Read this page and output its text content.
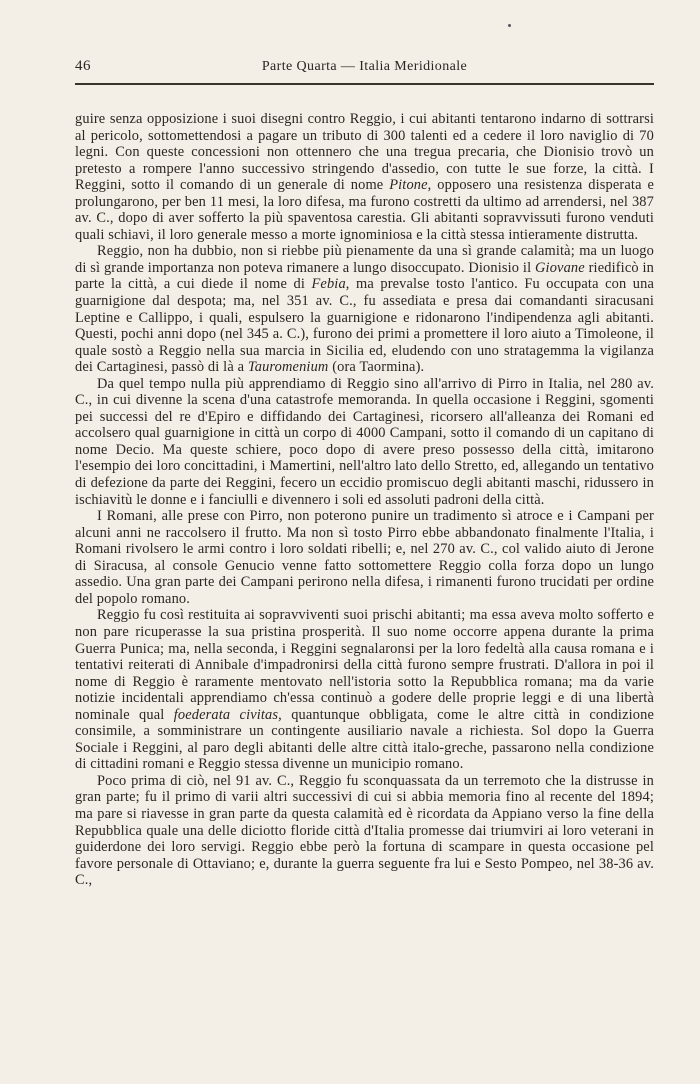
46	Parte Quarta — Italia Meridionale

guire senza opposizione i suoi disegni contro Reggio, i cui abitanti tentarono indarno di sottrarsi al pericolo, sottomettendosi a pagare un tributo di 300 talenti ed a cedere il loro naviglio di 70 legni. Con queste concessioni non ottennero che una tregua precaria, che Dionisio trovò un pretesto a rompere l'anno successivo stringendo d'assedio, con tutte le sue forze, la città. I Reggini, sotto il comando di un generale di nome Pitone, opposero una resistenza disperata e prolungarono, per ben 11 mesi, la loro difesa, ma furono costretti da ultimo ad arrendersi, nel 387 av. C., dopo di aver sofferto la più spaventosa carestia. Gli abitanti sopravvissuti furono venduti quali schiavi, il loro generale messo a morte ignominiosa e la città stessa intieramente distrutta.

Reggio, non ha dubbio, non si riebbe più pienamente da una sì grande calamità; ma un luogo di sì grande importanza non poteva rimanere a lungo disoccupato. Dionisio il Giovane riedificò in parte la città, a cui diede il nome di Febia, ma prevalse tosto l'antico. Fu occupata con una guarnigione dal despota; ma, nel 351 av. C., fu assediata e presa dai comandanti siracusani Leptine e Callippo, i quali, espulsero la guarnigione e ridonarono l'indipendenza agli abitanti. Questi, pochi anni dopo (nel 345 a. C.), furono dei primi a promettere il loro aiuto a Timoleone, il quale sostò a Reggio nella sua marcia in Sicilia ed, eludendo con uno stratagemma la vigilanza dei Cartaginesi, passò di là a Tauromenium (ora Taormina).

Da quel tempo nulla più apprendiamo di Reggio sino all'arrivo di Pirro in Italia, nel 280 av. C., in cui divenne la scena d'una catastrofe memoranda. In quella occasione i Reggini, sgomenti pei successi del re d'Epiro e diffidando dei Cartaginesi, ricorsero all'alleanza dei Romani ed accolsero qual guarnigione in città un corpo di 4000 Campani, sotto il comando di un capitano di nome Decio. Ma queste schiere, poco dopo di avere preso possesso della città, imitarono l'esempio dei loro concittadini, i Mamertini, nell'altro lato dello Stretto, ed, allegando un tentativo di defezione da parte dei Reggini, fecero un eccidio promiscuo degli abitanti maschi, ridussero in ischiavitù le donne e i fanciulli e divennero i soli ed assoluti padroni della città.

I Romani, alle prese con Pirro, non poterono punire un tradimento sì atroce e i Campani per alcuni anni ne raccolsero il frutto. Ma non sì tosto Pirro ebbe abbandonato finalmente l'Italia, i Romani rivolsero le armi contro i loro soldati ribelli; e, nel 270 av. C., col valido aiuto di Jerone di Siracusa, al console Genucio venne fatto sottomettere Reggio colla forza dopo un lungo assedio. Una gran parte dei Campani perirono nella difesa, i rimanenti furono trucidati per ordine del popolo romano.

Reggio fu così restituita ai sopravviventi suoi prischi abitanti; ma essa aveva molto sofferto e non pare ricuperasse la sua pristina prosperità. Il suo nome occorre appena durante la prima Guerra Punica; ma, nella seconda, i Reggini segnalaronsi per la loro fedeltà alla causa romana e i tentativi reiterati di Annibale d'impadronirsi della città furono sempre frustrati. D'allora in poi il nome di Reggio è raramente mentovato nell'istoria sotto la Repubblica romana; ma da varie notizie incidentali apprendiamo ch'essa continuò a godere delle proprie leggi e di una libertà nominale qual foederata civitas, quantunque obbligata, come le altre città in condizione consimile, a somministrare un contingente ausiliario navale a richiesta. Sol dopo la Guerra Sociale i Reggini, al paro degli abitanti delle altre città italo-greche, passarono nella condizione di cittadini romani e Reggio stessa divenne un municipio romano.

Poco prima di ciò, nel 91 av. C., Reggio fu sconquassata da un terremoto che la distrusse in gran parte; fu il primo di varii altri successivi di cui si abbia memoria fino al recente del 1894; ma pare si riavesse in gran parte da questa calamità ed è ricordata da Appiano verso la fine della Repubblica quale una delle diciotto floride città d'Italia promesse dai triumviri ai loro veterani in guiderdone dei loro servigi. Reggio ebbe però la fortuna di scampare in questa occasione pel favore personale di Ottaviano; e, durante la guerra seguente fra lui e Sesto Pompeo, nel 38-36 av. C.,
